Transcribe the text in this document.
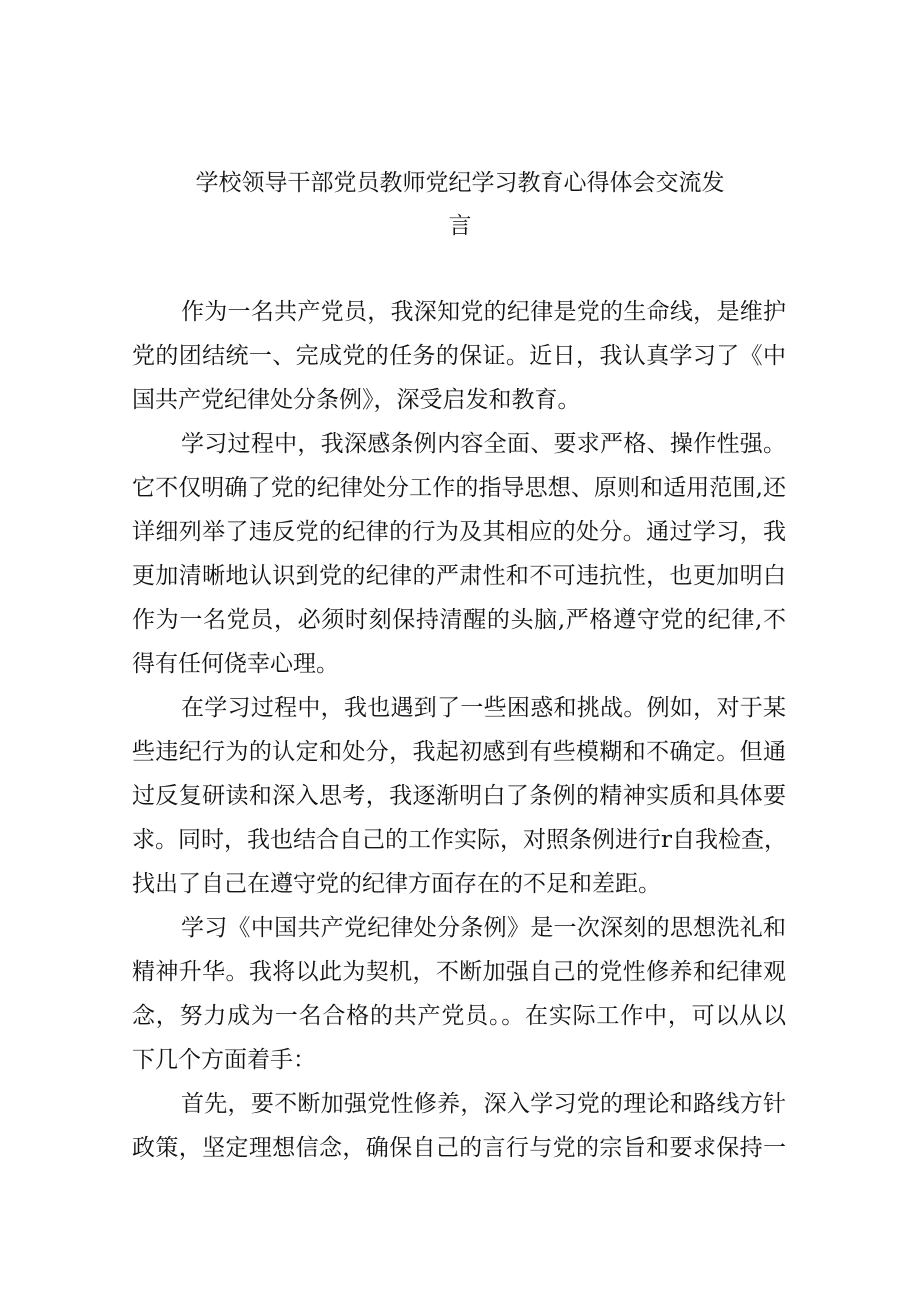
学校领导干部党员教师党纪学习教育心得体会交流发
言
作为一名共产党员，我深知党的纪律是党的生命线，是维护
党的团结统一、完成党的任务的保证。近日，我认真学习了《中
国共产党纪律处分条例》，深受启发和教育。
学习过程中，我深感条例内容全面、要求严格、操作性强。
它不仅明确了党的纪律处分工作的指导思想、原则和适用范围,还
详细列举了违反党的纪律的行为及其相应的处分。通过学习，我
更加清晰地认识到党的纪律的严肃性和不可违抗性，也更加明白
作为一名党员，必须时刻保持清醒的头脑,严格遵守党的纪律,不
得有任何侥幸心理。
在学习过程中，我也遇到了一些困惑和挑战。例如，对于某
些违纪行为的认定和处分，我起初感到有些模糊和不确定。但通
过反复研读和深入思考，我逐渐明白了条例的精神实质和具体要
求。同时，我也结合自己的工作实际，对照条例进行r自我检查，
找出了自己在遵守党的纪律方面存在的不足和差距。
学习《中国共产党纪律处分条例》是一次深刻的思想洗礼和
精神升华。我将以此为契机，不断加强自己的党性修养和纪律观
念，努力成为一名合格的共产党员。。在实际工作中，可以从以
下几个方面着手：
首先，要不断加强党性修养，深入学习党的理论和路线方针
政策，坚定理想信念，确保自己的言行与党的宗旨和要求保持一
